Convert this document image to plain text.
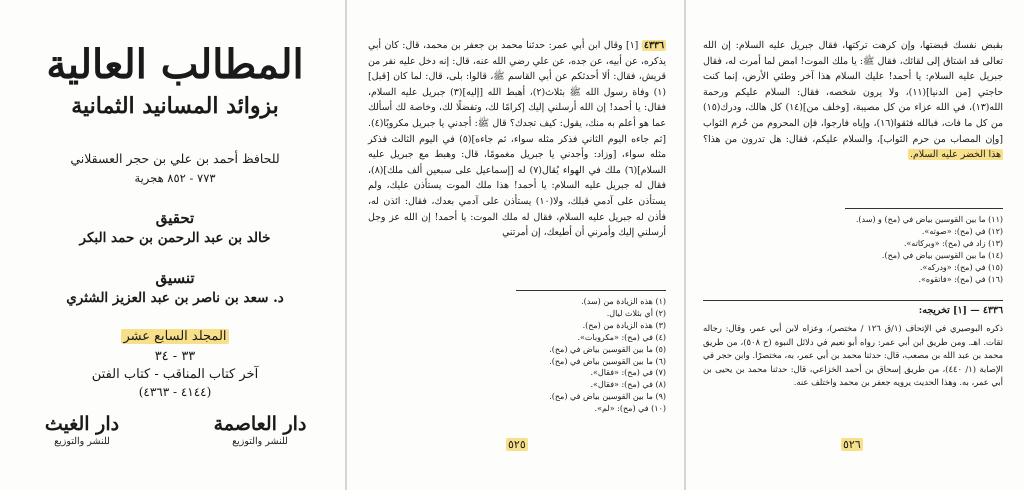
المطالب العالية
بزوائد المسانيد الثمانية
للحافظ أحمد بن علي بن حجر العسقلاني
٧٧٣ - ٨٥٢ هجرية
تحقيق
خالد بن عبد الرحمن بن حمد البكر
تنسيق
د. سعد بن ناصر بن عبد العزيز الشثري
المجلد السابع عشر
٣٣ - ٣٤
آخر كتاب المناقب - كتاب الفتن
(٤١٤٤ - ٤٣٦٣)
دار الغيث
للنشر والتوزيع
دار العاصمة
للنشر والتوزيع
٤٣٣٦ [١] وقال ابن أبي عمر: حدثنا محمد بن جعفر بن محمد، قال: كان أبي يذكره، عن أبيه، عن جده، عن علي رضي الله عنه، قال: إنه دخل عليه نفر من قريش، فقال: ألا أحدثكم عن أبي القاسم ﷺ، قالوا: بلى، قال: لما كان [قبل](١) وفاة رسول الله ﷺ بثلاث(٢)، أهبط الله [إليه](٣) جبريل عليه السلام، فقال: يا أحمد! إن الله أرسلني إليك إكرامًا لك، وتفضلًا لك، وخاصة لك أسألك عما هو أعلم به منك، يقول: كيف تجدك؟ قال ﷺ: أجدني يا جبريل مكروبًا(٤). [ثم جاءه اليوم الثاني فذكر مثله سواء، ثم جاءه](٥) في اليوم الثالث فذكر مثله سواء، [وزاد: وأجدني يا جبريل مغمومًا، قال: وهبط مع جبريل عليه السلام](٦) ملك في الهواء يُقال(٧) له [إسماعيل على سبعين ألف ملك](٨)، فقال له جبريل عليه السلام: يا أحمد! هذا ملك الموت يستأذن عليك، ولم يستأذن على آدمي قبلك، ولا(١٠) يستأذن على آدمي بعدك، فقال: ائذن له، فأذن له جبريل عليه السلام، فقال له ملك الموت: يا أحمد! إن الله عز وجل أرسلني إليك وأمرني أن أطيعك، إن أمرتني
(١) هذه الزيادة من (سد).
(٢) أي بثلاث ليال.
(٣) هذه الزيادة من (مح).
(٤) في (مح): «مكروبات».
(٥) ما بين القوسين بياض في (مح).
(٦) ما بين القوسين بياض في (مح).
(٧) في (مح): «فقال».
(٨) في (مح): «فقال».
(٩) ما بين القوسين بياض في (مح).
(١٠) في (مح): «لم».
٥٢٥
بقبض نفسك قبضتها، وإن كرهت تركتها، فقال جبريل عليه السلام: إن الله تعالى قد اشتاق إلى لقائك، فقال ﷺ: يا ملك الموت! امض لما أمرت له، فقال جبريل عليه السلام: يا أحمد! عليك السلام هذا آخر وطئي الأرض، إنما كنت حاجتي [من الدنيا](١١)، ولا يرون شخصه، فقال: السلام عليكم ورحمة الله(١٣)، في الله عزاء من كل مصيبة، [وخلف من](١٤) كل هالك، ودرك(١٥) من كل ما فات، فبالله فثقوا(١٦)، وإياه فارجوا، فإن المحروم من حُرم الثواب [وإن المصاب من حرم الثواب]، والسلام عليكم، فقال: هل تدرون من هذا؟ هذا الخضر عليه السلام.
(١١) ما بين القوسين بياض في (مح) و (سد).
(١٢) في (مح): «صوته».
(١٣) زاد في (مح): «وبركاته».
(١٤) ما بين القوسين بياض في (مح).
(١٥) في (مح): «ودركه».
(١٦) في (مح): «فاتقوه».
٤٣٣٦ — [١] تخريجه:
ذكره البوصيري في الإتحاف (١/ق ١٢٦ / مختصر)، وعزاه لابن أبي عمر، وقال: رجاله ثقات. اهـ. ومن طريق ابن أبي عمر: رواه أبو نعيم في دلائل النبوة (ح ٥٠٨)، من طريق محمد بن عبد الله بن مصعب، قال: حدثنا محمد بن أبي عمر، به، مختصرًا. وابن حجر في الإصابة (١/ ٤٤٠)، من طريق إسحاق بن أحمد الخزاعي، قال: حدثنا محمد بن يحيى بن أبي عمر، به. وهذا الحديث يرويه جعفر بن محمد واختلف عنه.
٥٢٦
